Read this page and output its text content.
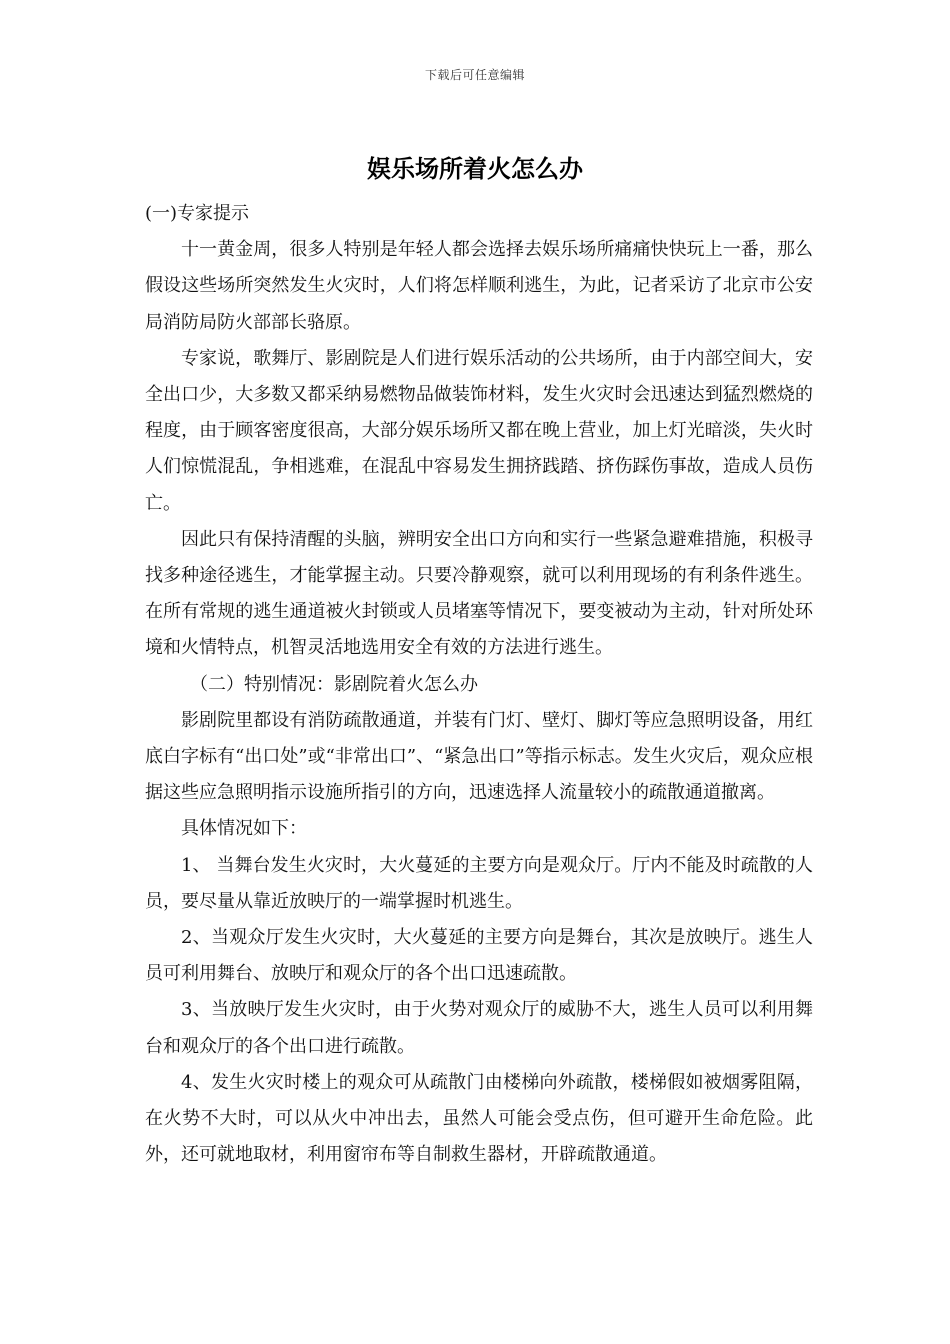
下载后可任意编辑
娱乐场所着火怎么办

(一)专家提示

十一黄金周，很多人特别是年轻人都会选择去娱乐场所痛痛快快玩上一番，那么假设这些场所突然发生火灾时，人们将怎样顺利逃生，为此，记者采访了北京市公安局消防局防火部部长骆原。

专家说，歌舞厅、影剧院是人们进行娱乐活动的公共场所，由于内部空间大，安全出口少，大多数又都采纳易燃物品做装饰材料，发生火灾时会迅速达到猛烈燃烧的程度，由于顾客密度很高，大部分娱乐场所又都在晚上营业，加上灯光暗淡，失火时人们惊慌混乱，争相逃难，在混乱中容易发生拥挤践踏、挤伤踩伤事故，造成人员伤亡。

因此只有保持清醒的头脑，辨明安全出口方向和实行一些紧急避难措施，积极寻找多种途径逃生，才能掌握主动。只要冷静观察，就可以利用现场的有利条件逃生。在所有常规的逃生通道被火封锁或人员堵塞等情况下，要变被动为主动，针对所处环境和火情特点，机智灵活地选用安全有效的方法进行逃生。

（二）特别情况：影剧院着火怎么办

影剧院里都设有消防疏散通道，并装有门灯、壁灯、脚灯等应急照明设备，用红底白字标有“出口处”或“非常出口”、“紧急出口”等指示标志。发生火灾后，观众应根据这些应急照明指示设施所指引的方向，迅速选择人流量较小的疏散通道撤离。

具体情况如下：

1、 当舞台发生火灾时，大火蔓延的主要方向是观众厅。厅内不能及时疏散的人员，要尽量从靠近放映厅的一端掌握时机逃生。

2、当观众厅发生火灾时，大火蔓延的主要方向是舞台，其次是放映厅。逃生人员可利用舞台、放映厅和观众厅的各个出口迅速疏散。

3、当放映厅发生火灾时，由于火势对观众厅的威胁不大，逃生人员可以利用舞台和观众厅的各个出口进行疏散。

4、发生火灾时楼上的观众可从疏散门由楼梯向外疏散，楼梯假如被烟雾阻隔，在火势不大时，可以从火中冲出去，虽然人可能会受点伤，但可避开生命危险。此外，还可就地取材，利用窗帘布等自制救生器材，开辟疏散通道。
